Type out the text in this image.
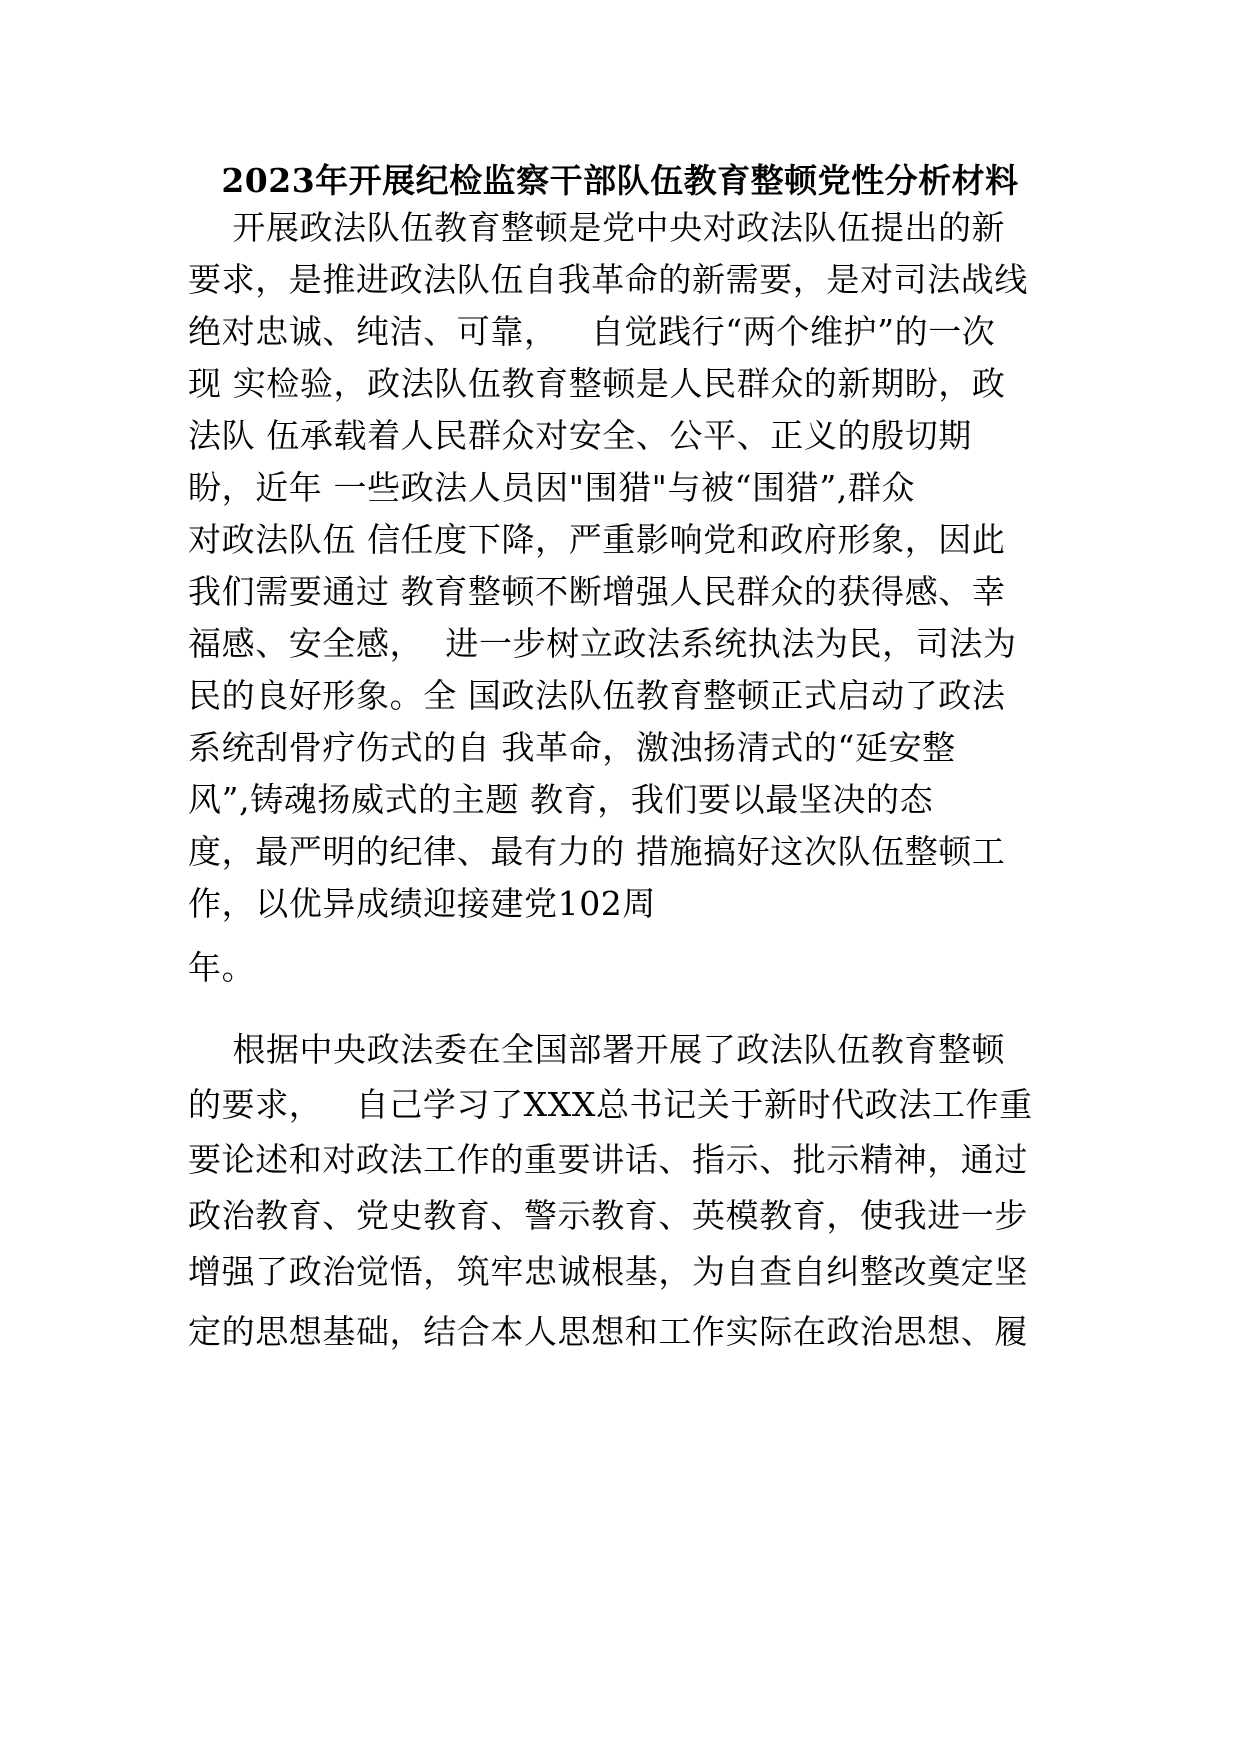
2023年开展纪检监察干部队伍教育整顿党性分析材料
开展政法队伍教育整顿是党中央对政法队伍提出的新
要求，是推进政法队伍自我革命的新需要，是对司法战线
绝对忠诚、纯洁、可靠，   自觉践行“两个维护”的一次
现 实检验，政法队伍教育整顿是人民群众的新期盼，政
法队 伍承载着人民群众对安全、公平、正义的殷切期
盼，近年 一些政法人员因"围猎"与被“围猎”,群众
对政法队伍 信任度下降，严重影响党和政府形象，因此
我们需要通过 教育整顿不断增强人民群众的获得感、幸
福感、安全感，  进一步树立政法系统执法为民，司法为
民的良好形象。全 国政法队伍教育整顿正式启动了政法
系统刮骨疗伤式的自 我革命，激浊扬清式的“延安整
风”,铸魂扬威式的主题 教育，我们要以最坚决的态
度，最严明的纪律、最有力的 措施搞好这次队伍整顿工
作，以优异成绩迎接建党102周
年。
根据中央政法委在全国部署开展了政法队伍教育整顿
的要求，   自己学习了XXX总书记关于新时代政法工作重
要论述和对政法工作的重要讲话、指示、批示精神，通过
政治教育、党史教育、警示教育、英模教育，使我进一步
增强了政治觉悟，筑牢忠诚根基，为自查自纠整改奠定坚
定的思想基础，结合本人思想和工作实际在政治思想、履
